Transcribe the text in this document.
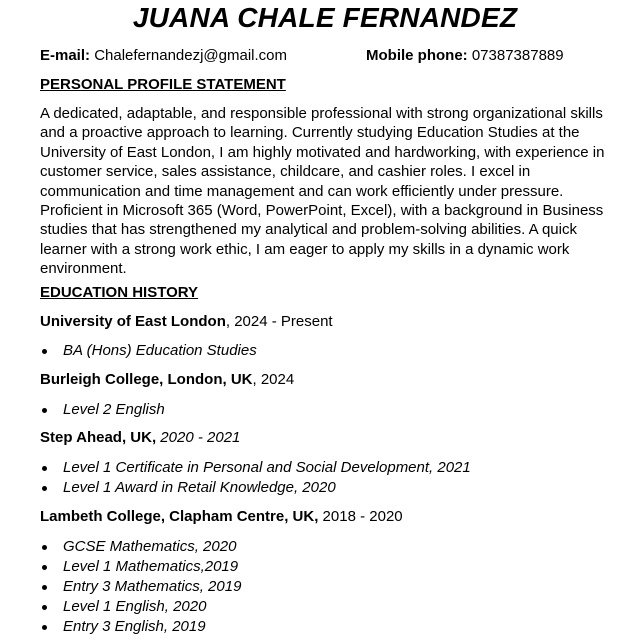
JUANA CHALE FERNANDEZ
E-mail: Chalefernandezj@gmail.com	Mobile phone: 07387387889
PERSONAL PROFILE STATEMENT

A dedicated, adaptable, and responsible professional with strong organizational skills and a proactive approach to learning. Currently studying Education Studies at the University of East London, I am highly motivated and hardworking, with experience in customer service, sales assistance, childcare, and cashier roles. I excel in communication and time management and can work efficiently under pressure. Proficient in Microsoft 365 (Word, PowerPoint, Excel), with a background in Business studies that has strengthened my analytical and problem-solving abilities. A quick learner with a strong work ethic, I am eager to apply my skills in a dynamic work environment.

EDUCATION HISTORY

University of East London, 2024 - Present

BA (Hons) Education Studies

Burleigh College, London, UK, 2024

Level 2 English

Step Ahead, UK, 2020 - 2021

Level 1 Certificate in Personal and Social Development, 2021
Level 1 Award in Retail Knowledge, 2020

Lambeth College, Clapham Centre, UK, 2018 - 2020

GCSE Mathematics, 2020
Level 1 Mathematics,2019
Entry 3 Mathematics, 2019
Level 1 English, 2020
Entry 3 English, 2019
